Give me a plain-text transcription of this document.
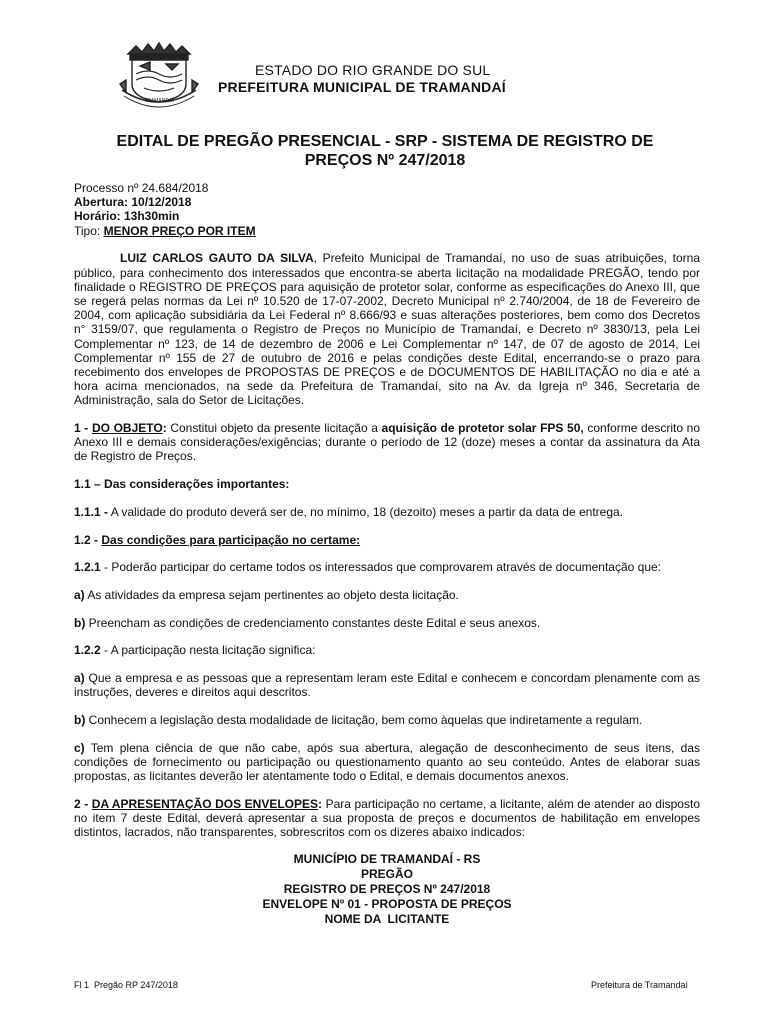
TRAMANDAÍ
ESTADO DO RIO GRANDE DO SUL
PREFEITURA MUNICIPAL DE TRAMANDAÍ
EDITAL DE PREGÃO PRESENCIAL - SRP - SISTEMA DE REGISTRO DE
PREÇOS Nº 247/2018
Processo nº 24.684/2018
Abertura: 10/12/2018
Horário: 13h30min
Tipo: MENOR PREÇO POR ITEM

LUIZ CARLOS GAUTO DA SILVA, Prefeito Municipal de Tramandaí, no uso de suas atribuições, torna público, para conhecimento dos interessados que encontra-se aberta licitação na modalidade PREGÃO, tendo por finalidade o REGISTRO DE PREÇOS para aquisição de protetor solar, conforme as especificações do Anexo III, que se regerá pelas normas da Lei nº 10.520 de 17-07-2002, Decreto Municipal nº 2.740/2004, de 18 de Fevereiro de 2004, com aplicação subsidiária da Lei Federal nº 8.666/93 e suas alterações posteriores, bem como dos Decretos n° 3159/07, que regulamenta o Registro de Preços no Município de Tramandaí, e Decreto nº 3830/13, pela Lei Complementar nº 123, de 14 de dezembro de 2006 e Lei Complementar nº 147, de 07 de agosto de 2014, Lei Complementar nº 155 de 27 de outubro de 2016 e pelas condições deste Edital, encerrando-se o prazo para recebimento dos envelopes de PROPOSTAS DE PREÇOS e de DOCUMENTOS DE HABILITAÇÃO no dia e até a hora acima mencionados, na sede da Prefeitura de Tramandaí, sito na Av. da Igreja nº 346, Secretaria de Administração, sala do Setor de Licitações.

1 - DO OBJETO: Constitui objeto da presente licitação a aquisição de protetor solar FPS 50, conforme descrito no Anexo III e demais considerações/exigências; durante o período de 12 (doze) meses a contar da assinatura da Ata de Registro de Preços.

1.1 – Das considerações importantes:

1.1.1 - A validade do produto deverá ser de, no mínimo, 18 (dezoito) meses a partir da data de entrega.

1.2 - Das condições para participação no certame:

1.2.1 - Poderão participar do certame todos os interessados que comprovarem através de documentação que:

a) As atividades da empresa sejam pertinentes ao objeto desta licitação.

b) Preencham as condições de credenciamento constantes deste Edital e seus anexos.

1.2.2 - A participação nesta licitação significa:

a) Que a empresa e as pessoas que a representam leram este Edital e conhecem e concordam plenamente com as instruções, deveres e direitos aqui descritos.

b) Conhecem a legislação desta modalidade de licitação, bem como àquelas que indiretamente a regulam.

c) Tem plena ciência de que não cabe, após sua abertura, alegação de desconhecimento de seus itens, das condições de fornecimento ou participação ou questionamento quanto ao seu conteúdo. Antes de elaborar suas propostas, as licitantes deverão ler atentamente todo o Edital, e demais documentos anexos.

2 - DA APRESENTAÇÃO DOS ENVELOPES: Para participação no certame, a licitante, além de atender ao disposto no item 7 deste Edital, deverá apresentar a sua proposta de preços e documentos de habilitação em envelopes distintos, lacrados, não transparentes, sobrescritos com os dizeres abaixo indicados:

MUNICÍPIO DE TRAMANDAÍ - RS
PREGÃO
REGISTRO DE PREÇOS Nº 247/2018
ENVELOPE Nº 01 - PROPOSTA DE PREÇOS
NOME DA  LICITANTE
Fl 1  Pregão RP 247/2018	Prefeitura de Tramandaí
